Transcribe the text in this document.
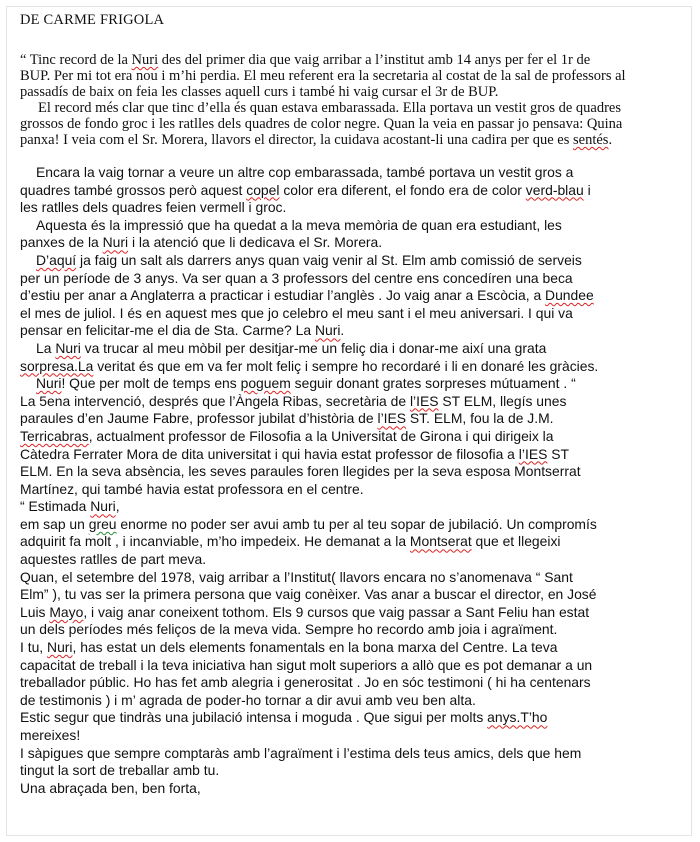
DE CARME FRIGOLA
“ Tinc record de la Nuri des del primer dia que vaig arribar a l’institut amb 14 anys per fer el 1r de
BUP. Per mi tot era nou i m’hi perdia. El meu referent era la secretaria al costat de la sal de professors al
passadís de baix on feia les classes aquell curs i també hi vaig cursar el 3r de BUP.
El record més clar que tinc d’ella és quan estava embarassada. Ella portava un vestit gros de quadres
grossos de fondo groc i les ratlles dels quadres de color negre. Quan la veia en passar jo pensava: Quina
panxa! I veia com el Sr. Morera, llavors el director, la cuidava acostant-li una cadira per que es sentés.
Encara la vaig tornar a veure un altre cop embarassada, també portava un vestit gros a
quadres també grossos però aquest copel color era diferent, el fondo era de color verd-blau i
les ratlles dels quadres feien vermell i groc.
Aquesta és la impressió que ha quedat a la meva memòria de quan era estudiant, les
panxes de la Nuri i la atenció que li dedicava el Sr. Morera.
D’aquí ja faig un salt als darrers anys quan vaig venir al St. Elm amb comissió de serveis
per un període de 3 anys. Va ser quan a 3 professors del centre ens concedíren una beca
d’estiu per anar a Anglaterra a practicar i estudiar l’anglès . Jo vaig anar a Escòcia, a Dundee
el mes de juliol. I és en aquest mes que jo celebro el meu sant i el meu aniversari. I qui va
pensar en felicitar-me el dia de Sta. Carme? La Nuri.
La Nuri va trucar al meu mòbil per desitjar-me un feliç dia i donar-me així una grata
sorpresa.La veritat és que em va fer molt feliç i sempre ho recordaré i li en donaré les gràcies.
Nuri! Que per molt de temps ens poguem seguir donant grates sorpreses mútuament . “
La 5ena intervenció, després que l’Àngela Ribas, secretària de l’IES ST ELM, llegís unes
paraules d’en Jaume Fabre, professor jubilat d’història de l’IES ST. ELM, fou la de J.M.
Terricabras, actualment professor de Filosofia a la Universitat de Girona i qui dirigeix la
Càtedra Ferrater Mora de dita universitat i qui havia estat professor de filosofia a l’IES ST
ELM. En la seva absència, les seves paraules foren llegides per la seva esposa Montserrat
Martínez, qui també havia estat professora en el centre.
“ Estimada Nuri,
em sap un greu enorme no poder ser avui amb tu per al teu sopar de jubilació. Un compromís
adquirit fa molt , i incanviable, m’ho impedeix. He demanat a la Montserat que et llegeixi
aquestes ratlles de part meva.
Quan, el setembre del 1978, vaig arribar a l’Institut( llavors encara no s’anomenava “ Sant
Elm” ), tu vas ser la primera persona que vaig conèixer. Vas anar a buscar el director, en José
Luis Mayo, i vaig anar coneixent tothom. Els 9 cursos que vaig passar a Sant Feliu han estat
un dels períodes més feliços de la meva vida. Sempre ho recordo amb joia i agraïment.
I tu, Nuri, has estat un dels elements fonamentals en la bona marxa del Centre. La teva
capacitat de treball i la teva iniciativa han sigut molt superiors a allò que es pot demanar a un
treballador públic. Ho has fet amb alegria i generositat . Jo en sóc testimoni ( hi ha centenars
de testimonis ) i m’ agrada de poder-ho tornar a dir avui amb veu ben alta.
Estic segur que tindràs una jubilació intensa i moguda . Que sigui per molts anys.T’ho
mereixes!
I sàpigues que sempre comptaràs amb l’agraïment i l’estima dels teus amics, dels que hem
tingut la sort de treballar amb tu.
Una abraçada ben, ben forta,
